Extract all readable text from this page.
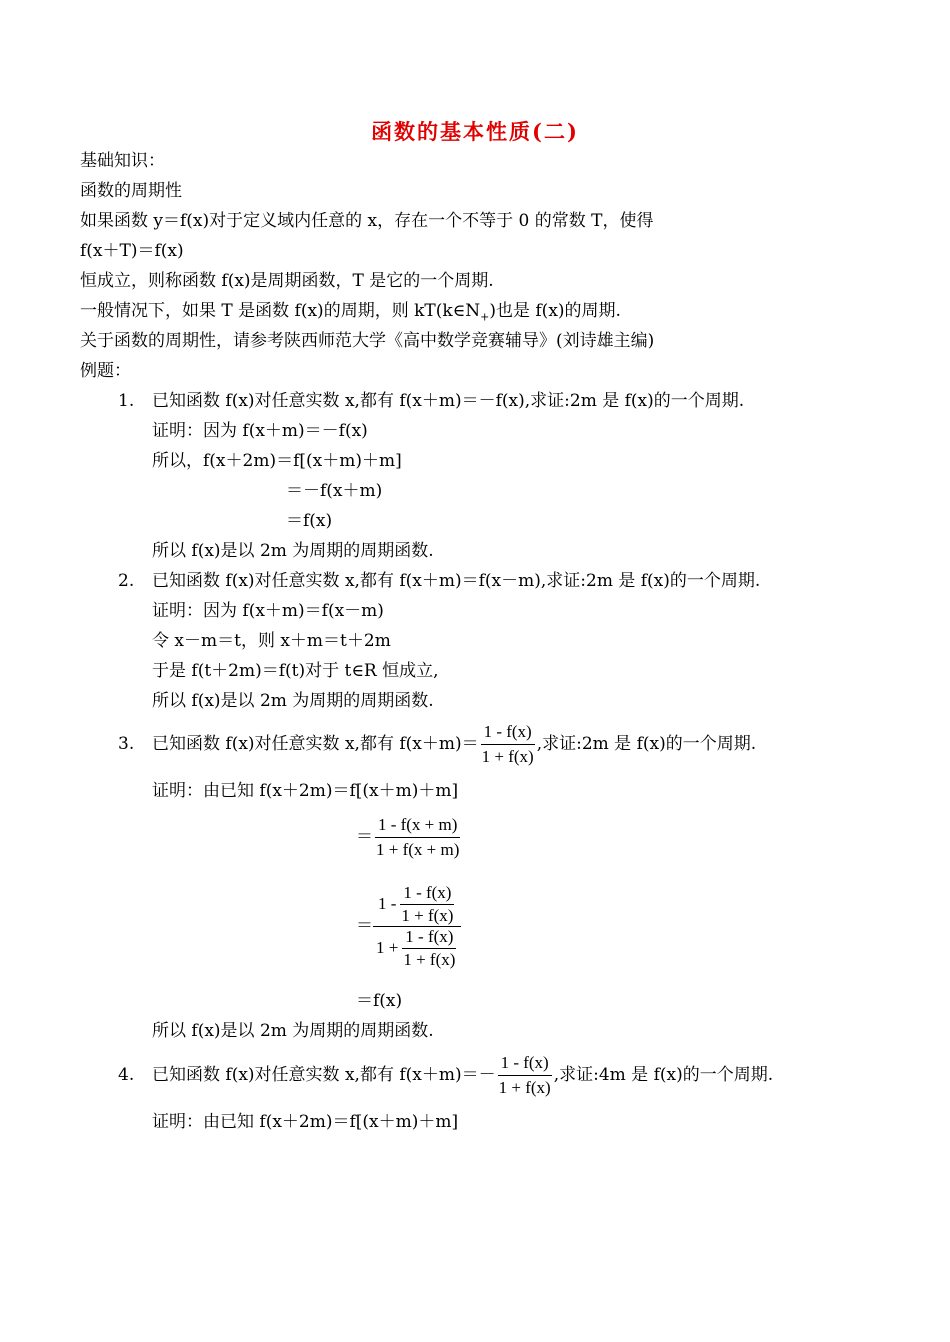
函数的基本性质(二)
基础知识：
函数的周期性
如果函数 y＝f(x)对于定义域内任意的 x，存在一个不等于 0 的常数 T，使得
f(x＋T)＝f(x)
恒成立，则称函数 f(x)是周期函数，T 是它的一个周期.
一般情况下，如果 T 是函数 f(x)的周期，则 $kT(k\in N_+)$也是 f(x)的周期.
关于函数的周期性，请参考陕西师范大学《高中数学竞赛辅导》(刘诗雄主编)
例题：
1. 已知函数 f(x)对任意实数 x,都有 f(x＋m)＝－f(x),求证:2m 是 f(x)的一个周期.
证明：因为 f(x＋m)＝－f(x)
所以，f(x＋2m)＝f[(x＋m)＋m]
＝－f(x＋m)
＝f(x)
所以 f(x)是以 2m 为周期的周期函数.
2. 已知函数 f(x)对任意实数 x,都有 f(x＋m)＝f(x－m),求证:2m 是 f(x)的一个周期.
证明：因为 f(x＋m)＝f(x－m)
令 x－m＝t，则 x＋m＝t＋2m
于是 f(t＋2m)＝f(t)对于 t∈R 恒成立,
所以 f(x)是以 2m 为周期的周期函数.
3. 已知函数 f(x)对任意实数 x,都有 $f(x+m)= \frac{1 - f(x)}{1 + f(x)}$ ,求证:2m 是 f(x)的一个周期.
证明：由已知 f(x＋2m)＝f[(x＋m)＋m]
＝ $\frac{1 - f(x + m)}{1 + f(x + m)}$
＝
$1 - \frac{1 - f(x)}{1 + f(x)}$
$1 + \frac{1 - f(x)}{1 + f(x)}$
＝f(x)
所以 f(x)是以 2m 为周期的周期函数.
4. 已知函数 f(x)对任意实数 x,都有 $f(x+m)=- \frac{1 - f(x)}{1 + f(x)}$ ,求证:4m 是 f(x)的一个周期.
证明：由已知 f(x＋2m)＝f[(x＋m)＋m]
